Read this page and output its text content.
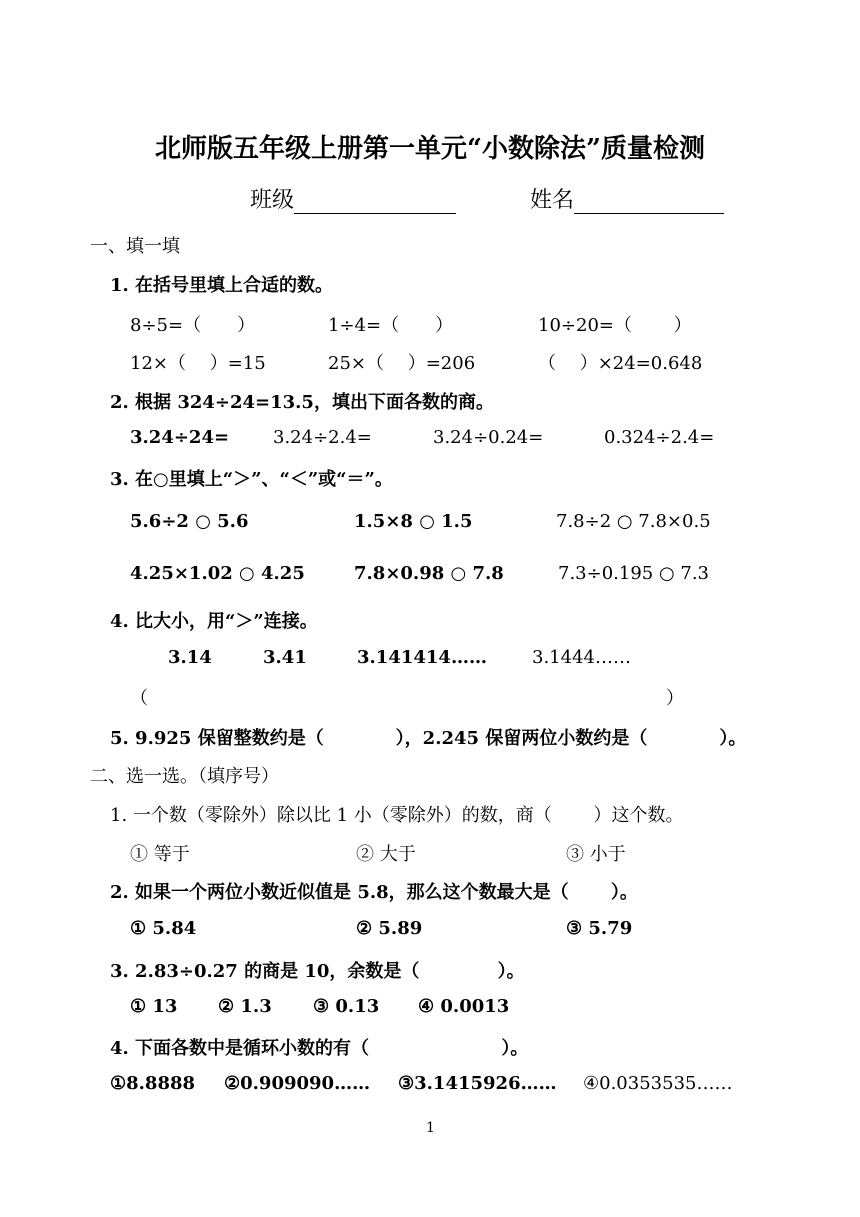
北师版五年级上册第一单元“小数除法”质量检测
班级	姓名
一、填一填
1. 在括号里填上合适的数。
8÷5=（　　）	1÷4=（　　）	10÷20=（　　 ）
12×（　 ）=15	25×（　 ）=206	（　 ）×24=0.648
2. 根据 324÷24=13.5，填出下面各数的商。
3.24÷24= 3.24÷2.4=	3.24÷0.24=	0.324÷2.4=
3. 在○里填上“＞”、“＜”或“＝”。
5.6÷2 ○ 5.6	1.5×8 ○ 1.5	7.8÷2 ○ 7.8×0.5
4.25×1.02 ○ 4.25	7.8×0.98 ○ 7.8	7.3÷0.195 ○ 7.3
4. 比大小，用“＞”连接。
3.14	3.41	3.141414……	3.1444……
（	）
5. 9.925 保留整数约是（　　　　），2.245 保留两位小数约是（　　　　）。
二、选一选。（填序号）
1. 一个数（零除外）除以比 1 小（零除外）的数，商（　　 ）这个数。
① 等于	② 大于	③ 小于
2. 如果一个两位小数近似值是 5.8，那么这个数最大是（　　 ）。
① 5.84	② 5.89	③ 5.79
3. 2.83÷0.27 的商是 10，余数是（　　　　 ）。
① 13 ② 1.3 ③ 0.13 ④ 0.0013
4. 下面各数中是循环小数的有（　　　　　　　 ）。
①8.8888 ②0.909090…… ③3.1415926…… ④0.0353535……
1
